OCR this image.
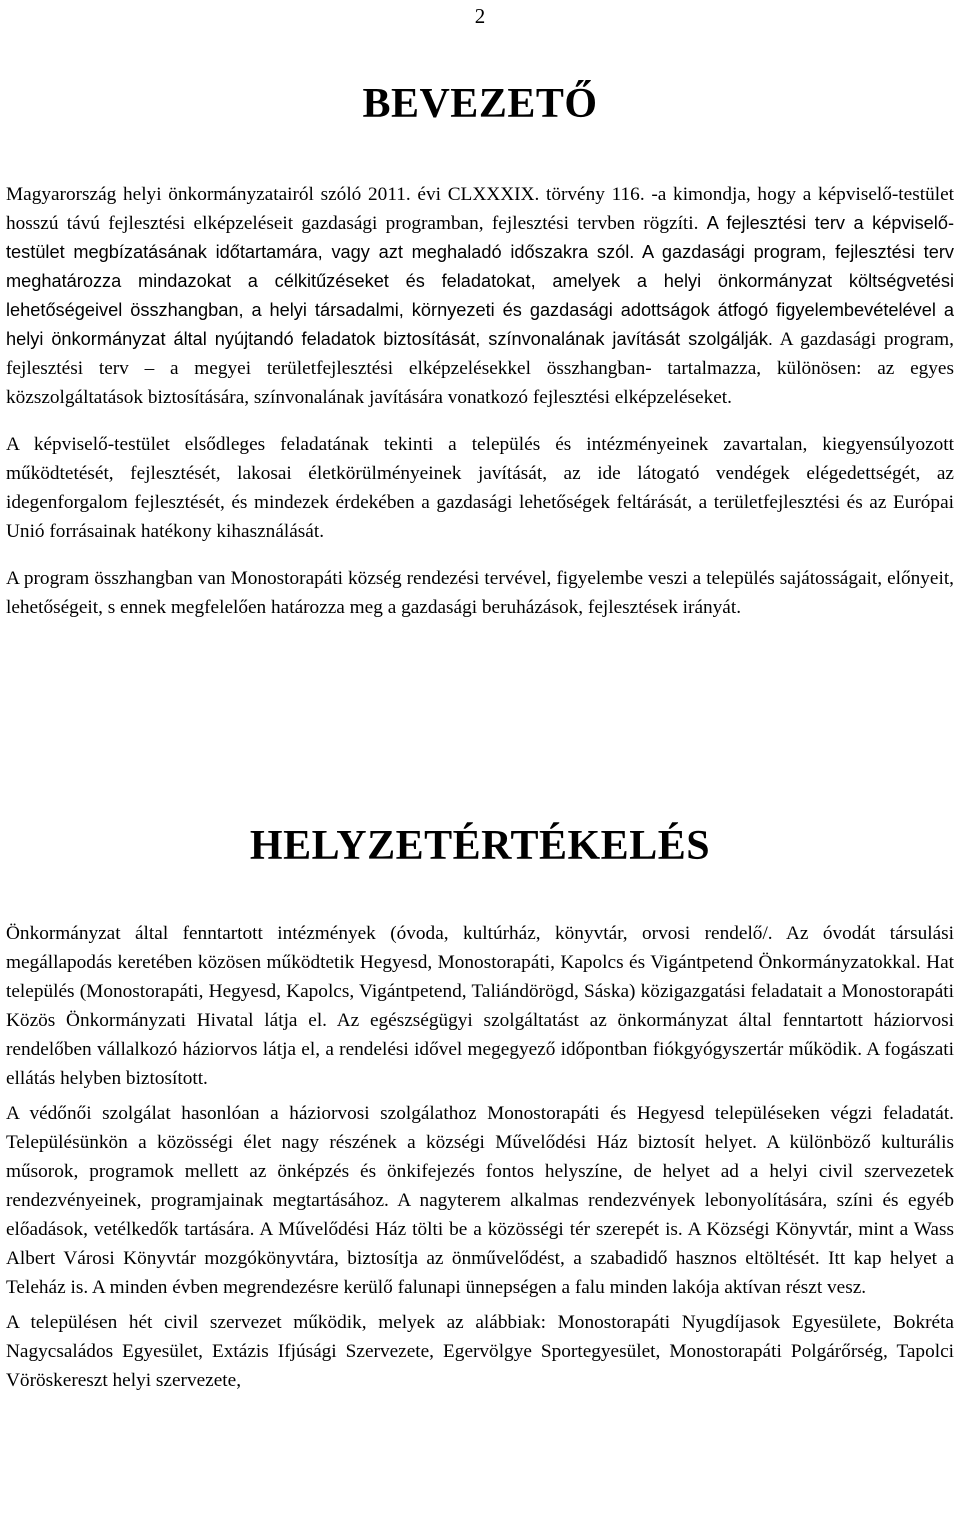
2
BEVEZETŐ

Magyarország helyi önkormányzatairól szóló 2011. évi CLXXXIX. törvény 116. -a kimondja, hogy a képviselő-testület hosszú távú fejlesztési elképzeléseit gazdasági programban, fejlesztési tervben rögzíti. A fejlesztési terv a képviselő-testület megbízatásának időtartamára, vagy azt meghaladó időszakra szól. A gazdasági program, fejlesztési terv meghatározza mindazokat a célkitűzéseket és feladatokat, amelyek a helyi önkormányzat költségvetési lehetőségeivel összhangban, a helyi társadalmi, környezeti és gazdasági adottságok átfogó figyelembevételével a helyi önkormányzat által nyújtandó feladatok biztosítását, színvonalának javítását szolgálják. A gazdasági program, fejlesztési terv – a megyei területfejlesztési elképzelésekkel összhangban- tartalmazza, különösen: az egyes közszolgáltatások biztosítására, színvonalának javítására vonatkozó fejlesztési elképzeléseket.

A képviselő-testület elsődleges feladatának tekinti a település és intézményeinek zavartalan, kiegyensúlyozott működtetését, fejlesztését, lakosai életkörülményeinek javítását, az ide látogató vendégek elégedettségét, az idegenforgalom fejlesztését, és mindezek érdekében a gazdasági lehetőségek feltárását, a területfejlesztési és az Európai Unió forrásainak hatékony kihasználását.

A program összhangban van Monostorapáti község rendezési tervével, figyelembe veszi a település sajátosságait, előnyeit, lehetőségeit, s ennek megfelelően határozza meg a gazdasági beruházások, fejlesztések irányát.

HELYZETÉRTÉKELÉS

Önkormányzat által fenntartott intézmények (óvoda, kultúrház, könyvtár, orvosi rendelő/. Az óvodát társulási megállapodás keretében közösen működtetik Hegyesd, Monostorapáti, Kapolcs és Vigántpetend Önkormányzatokkal. Hat település (Monostorapáti, Hegyesd, Kapolcs, Vigántpetend, Taliándörögd, Sáska) közigazgatási feladatait a Monostorapáti Közös Önkormányzati Hivatal látja el. Az egészségügyi szolgáltatást az önkormányzat által fenntartott háziorvosi rendelőben vállalkozó háziorvos látja el, a rendelési idővel megegyező időpontban fiókgyógyszertár működik. A fogászati ellátás helyben biztosított.

A védőnői szolgálat hasonlóan a háziorvosi szolgálathoz Monostorapáti és Hegyesd településeken végzi feladatát. Településünkön a közösségi élet nagy részének a községi Művelődési Ház biztosít helyet. A különböző kulturális műsorok, programok mellett az önképzés és önkifejezés fontos helyszíne, de helyet ad a helyi civil szervezetek rendezvényeinek, programjainak megtartásához. A nagyterem alkalmas rendezvények lebonyolítására, színi és egyéb előadások, vetélkedők tartására. A Művelődési Ház tölti be a közösségi tér szerepét is. A Községi Könyvtár, mint a Wass Albert Városi Könyvtár mozgókönyvtára, biztosítja az önművelődést, a szabadidő hasznos eltöltését. Itt kap helyet a Teleház is. A minden évben megrendezésre kerülő falunapi ünnepségen a falu minden lakója aktívan részt vesz.

A településen hét civil szervezet működik, melyek az alábbiak: Monostorapáti Nyugdíjasok Egyesülete, Bokréta Nagycsaládos Egyesület, Extázis Ifjúsági Szervezete, Egervölgye Sportegyesület, Monostorapáti Polgárőrség, Tapolci Vöröskereszt helyi szervezete,
